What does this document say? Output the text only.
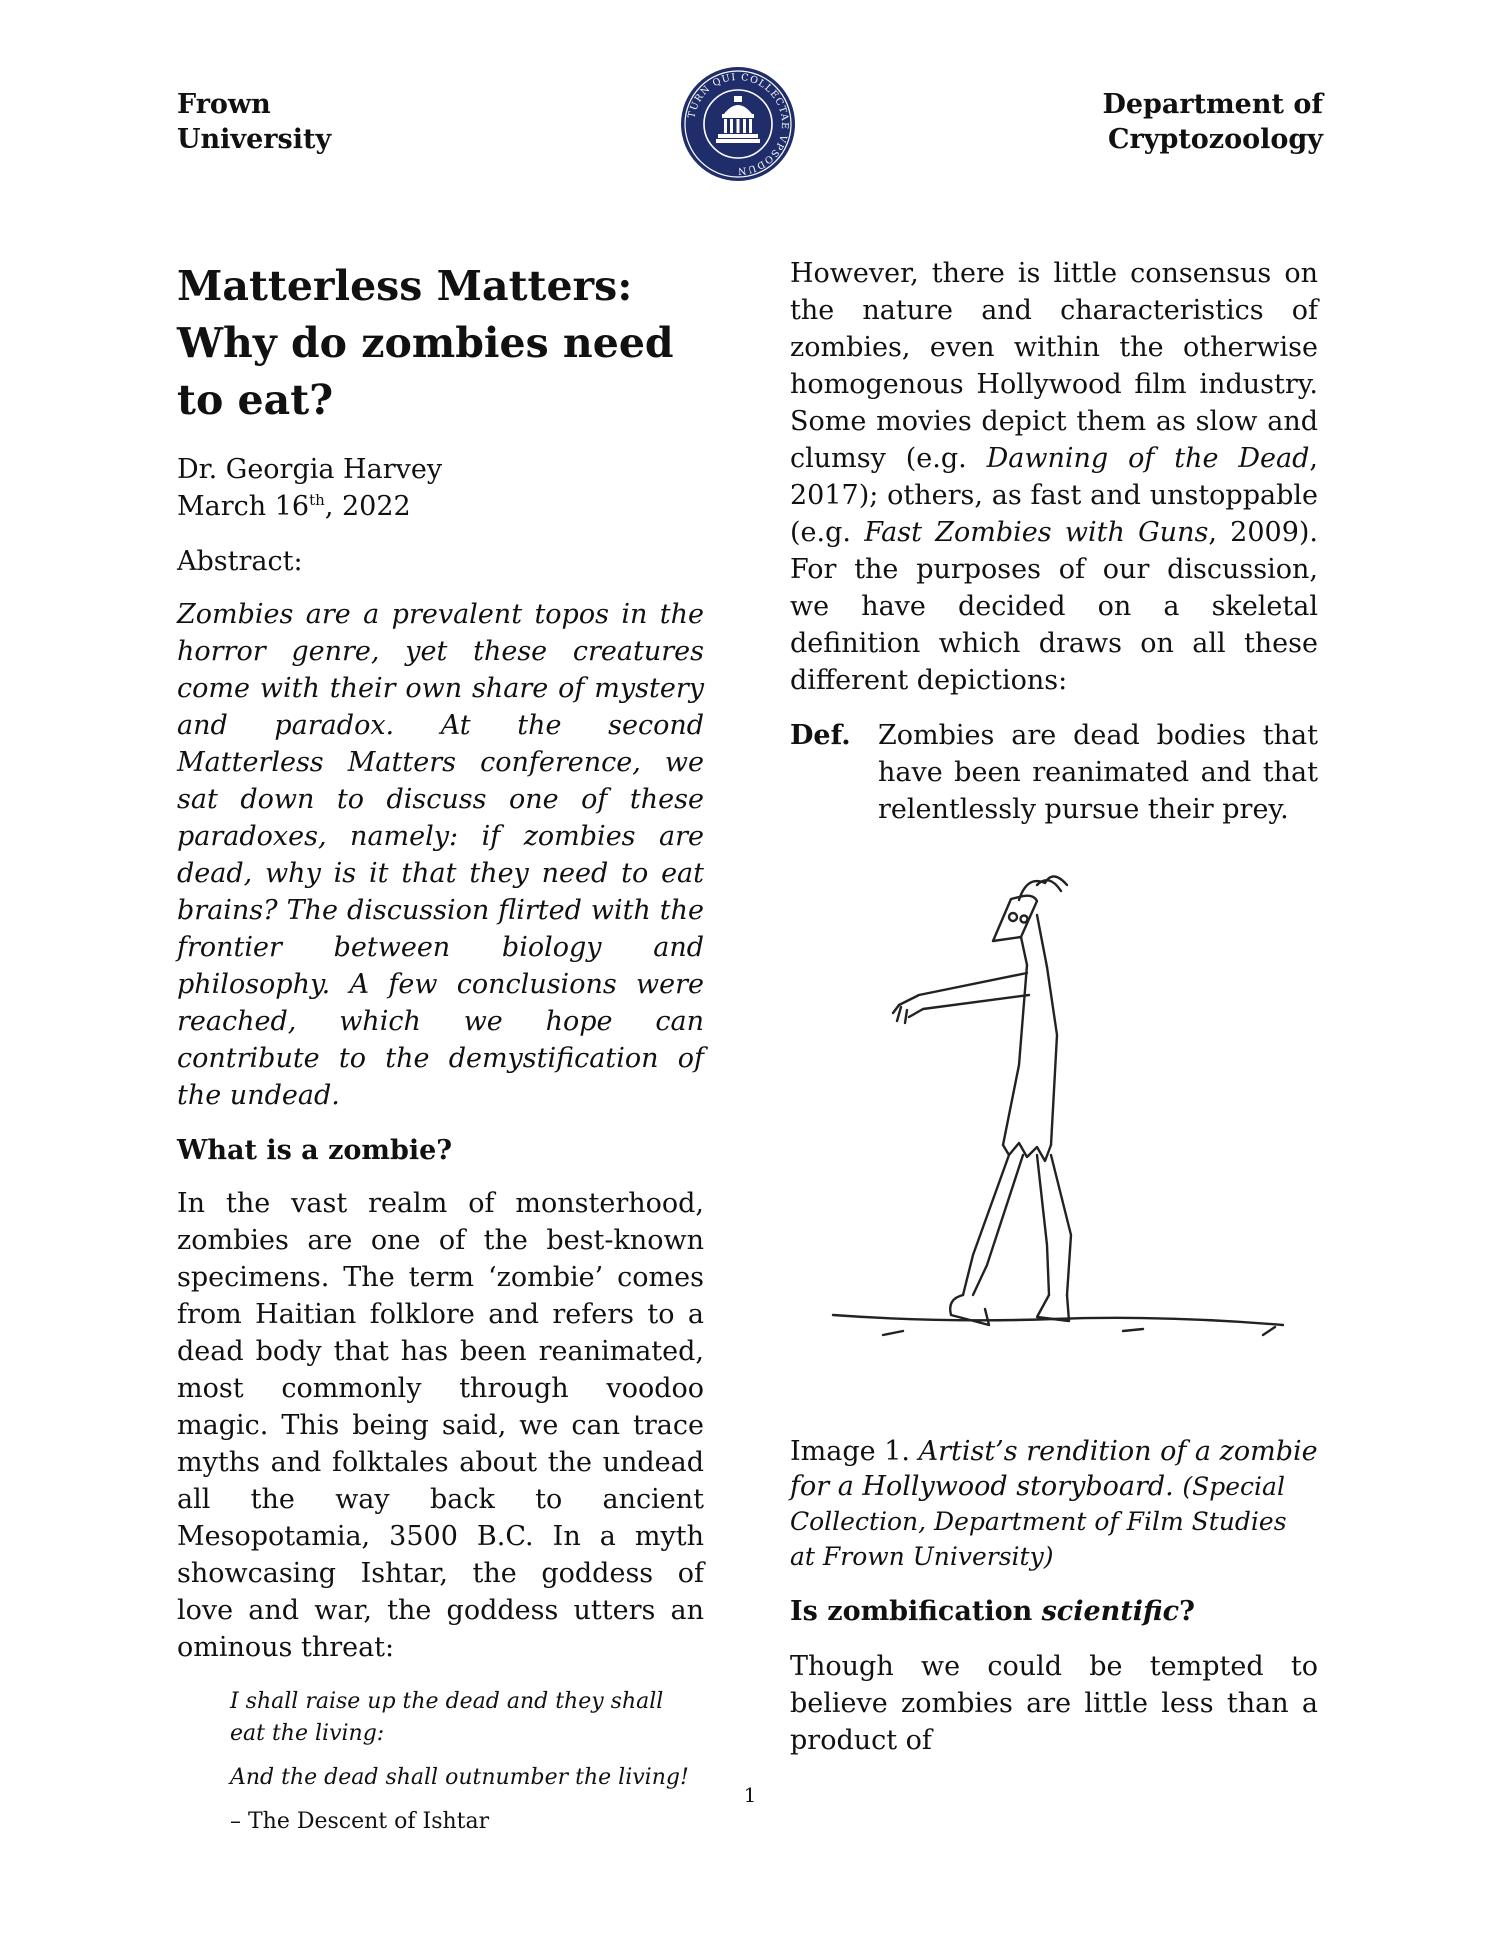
Frown
University
TURN QUI COLLECTAE VPSODUN
Department of
Cryptozoology
Matterless Matters:
Why do zombies need to eat?

Dr. Georgia Harvey

March 16th, 2022

Abstract:

Zombies are a prevalent topos in the horror genre, yet these creatures come with their own share of mystery and paradox. At the second Matterless Matters conference, we sat down to discuss one of these paradoxes, namely: if zombies are dead, why is it that they need to eat brains? The discussion flirted with the frontier between biology and philosophy. A few conclusions were reached, which we hope can contribute to the demystification of the undead.

What is a zombie?

In the vast realm of monsterhood, zombies are one of the best-known specimens. The term ‘zombie’ comes from Haitian folklore and refers to a dead body that has been reanimated, most commonly through voodoo magic. This being said, we can trace myths and folktales about the undead all the way back to ancient Mesopotamia, 3500 B.C. In a myth showcasing Ishtar, the goddess of love and war, the goddess utters an ominous threat:

I shall raise up the dead and they shall eat the living:

And the dead shall outnumber the living!

– The Descent of Ishtar

However, there is little consensus on the nature and characteristics of zombies, even within the otherwise homogenous Hollywood film industry. Some movies depict them as slow and clumsy (e.g. Dawning of the Dead, 2017); others, as fast and unstoppable (e.g. Fast Zombies with Guns, 2009). For the purposes of our discussion, we have decided on a skeletal definition which draws on all these different depictions:

Def.	Zombies are dead bodies that have been reanimated and that relentlessly pursue their prey.
Image 1. Artist’s rendition of a zombie for a Hollywood storyboard. (Special Collection, Department of Film Studies at Frown University)

Is zombification scientific?

Though we could be tempted to believe zombies are little less than a product of

1
